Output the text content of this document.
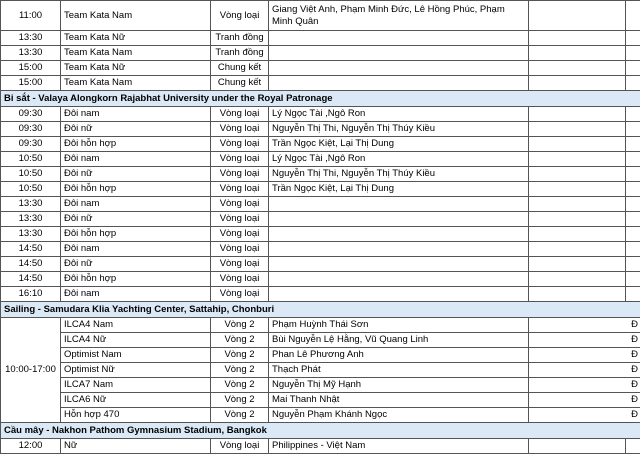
11:00	Team Kata Nam	Vòng loại	Giang Việt Anh, Phạm Minh Đức, Lê Hồng Phúc, Phạm Minh Quân		
13:30	Team Kata Nữ	Tranh đồng			
13:30	Team Kata Nam	Tranh đồng			
15:00	Team Kata Nữ	Chung kết			
15:00	Team Kata Nam	Chung kết			
Bi sắt - Valaya Alongkorn Rajabhat University under the Royal Patronage					
09:30	Đôi nam	Vòng loại	Lý Ngọc Tài ,Ngô Ron		
09:30	Đôi nữ	Vòng loại	Nguyễn Thị Thi, Nguyễn Thị Thúy Kiều		
09:30	Đôi hỗn hợp	Vòng loại	Trần Ngọc Kiệt, Lại Thị Dung		
10:50	Đôi nam	Vòng loại	Lý Ngọc Tài ,Ngô Ron		
10:50	Đôi nữ	Vòng loại	Nguyễn Thị Thi, Nguyễn Thị Thúy Kiều		
10:50	Đôi hỗn hợp	Vòng loại	Trần Ngọc Kiệt, Lại Thị Dung		
13:30	Đôi nam	Vòng loại			
13:30	Đôi nữ	Vòng loại			
13:30	Đôi hỗn hợp	Vòng loại			
14:50	Đôi nam	Vòng loại			
14:50	Đôi nữ	Vòng loại			
14:50	Đôi hỗn hợp	Vòng loại			
16:10	Đôi nam	Vòng loại			
Sailing - Samudara Klia Yachting Center, Sattahip, Chonburi					
10:00-17:00	ILCA4 Nam	Vòng 2	Phạm Huỳnh Thái Sơn	Đ	
	ILCA4 Nữ	Vòng 2	Bùi Nguyễn Lệ Hằng, Vũ Quang Linh	Đ	
	Optimist Nam	Vòng 2	Phan Lê Phương Anh	Đ	
	Optimist Nữ	Vòng 2	Thạch Phát	Đ	
	ILCA7 Nam	Vòng 2	Nguyễn Thị Mỹ Hạnh	Đ	
	ILCA6 Nữ	Vòng 2	Mai Thanh Nhật	Đ	
	Hỗn hợp 470	Vòng 2	Nguyễn Phạm Khánh Ngọc	Đ	
Cầu mây - Nakhon Pathom Gymnasium Stadium, Bangkok					
12:00	Nữ	Vòng loại	Philippines - Việt Nam		
